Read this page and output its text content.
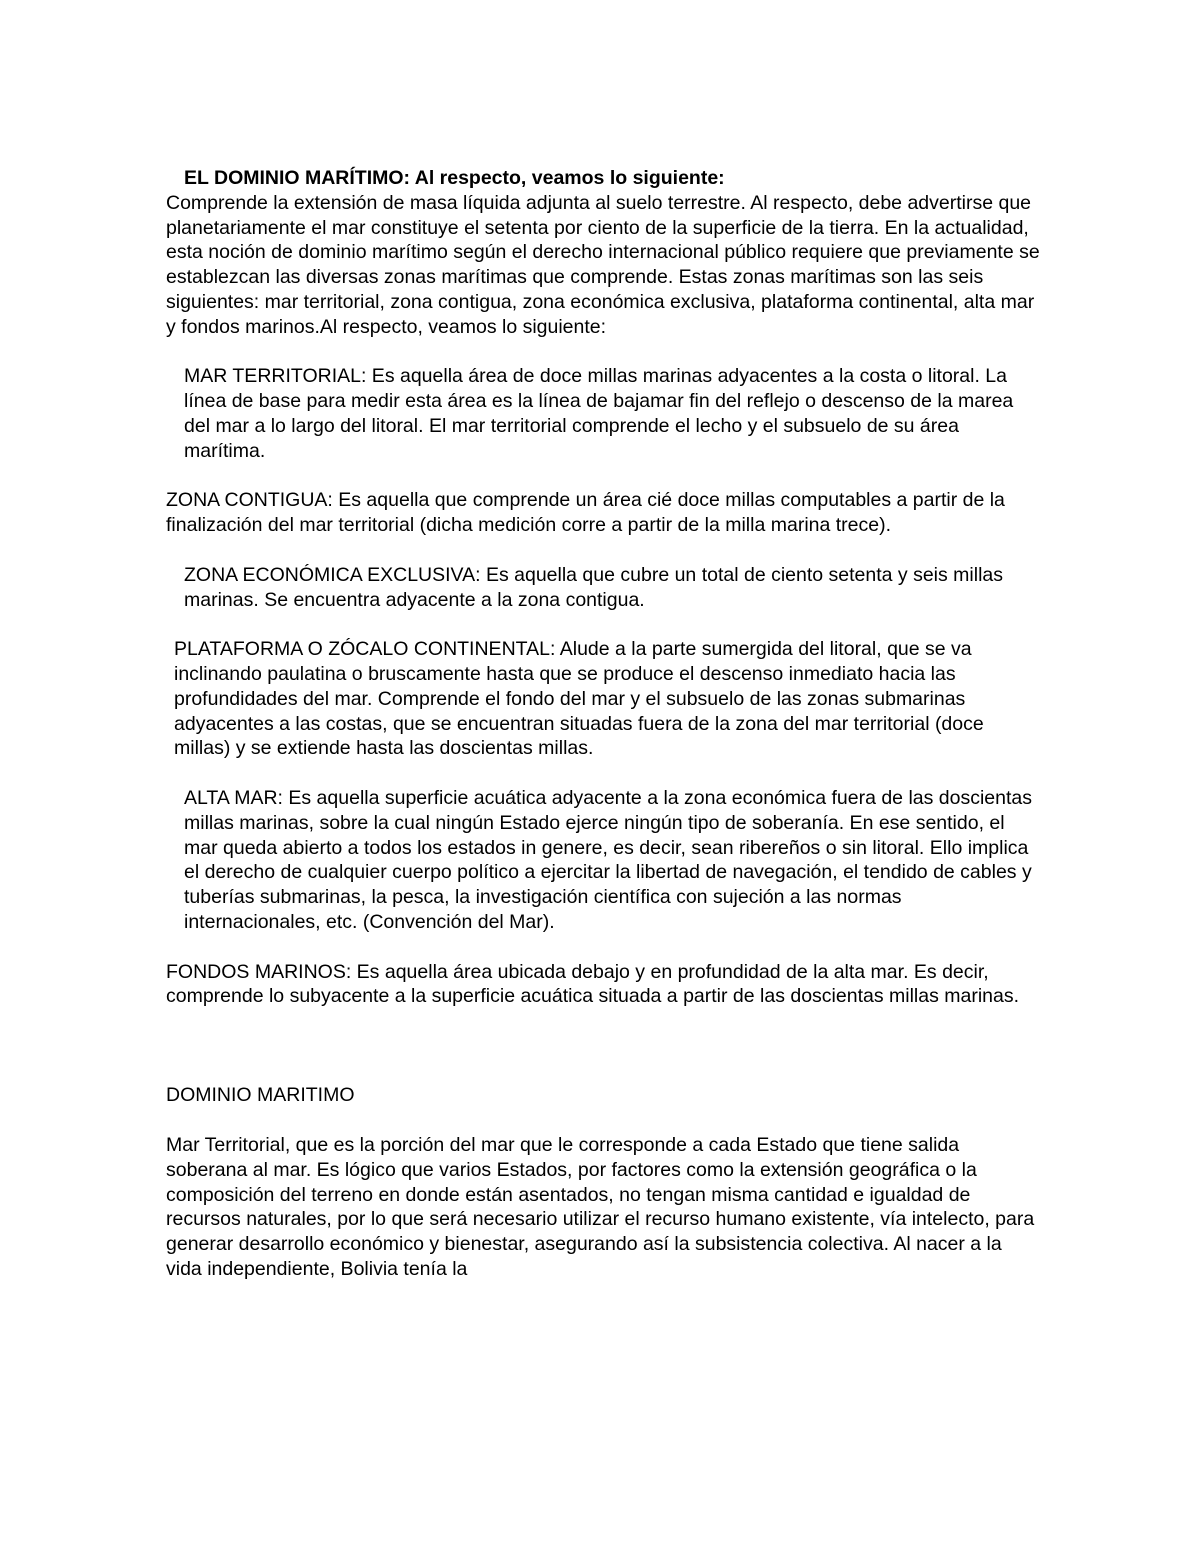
EL DOMINIO MARÍTIMO: Al respecto, veamos lo siguiente:

Comprende la extensión de masa líquida adjunta al suelo terrestre. Al respecto, debe advertirse que planetariamente el mar constituye el setenta por ciento de la superficie de la tierra. En la actualidad, esta noción de dominio marítimo según el derecho internacional público requiere que previamente se establezcan las diversas zonas marítimas que comprende. Estas zonas marítimas son las seis siguientes: mar territorial, zona contigua, zona económica exclusiva, plataforma continental, alta mar y fondos marinos.Al respecto, veamos lo siguiente:

MAR TERRITORIAL: Es aquella área de doce millas marinas adyacentes a la costa o litoral. La línea de base para medir esta área es la línea de bajamar fin del reflejo o descenso de la marea del mar a lo largo del litoral. El mar territorial comprende el lecho y el subsuelo de su área marítima.

ZONA CONTIGUA: Es aquella que comprende un área cié doce millas computables a partir de la finalización del mar territorial (dicha medición corre a partir de la milla marina trece).

ZONA ECONÓMICA EXCLUSIVA: Es aquella que cubre un total de ciento setenta y seis millas marinas. Se encuentra adyacente a la zona contigua.

PLATAFORMA O ZÓCALO CONTINENTAL: Alude a la parte sumergida del litoral, que se va inclinando paulatina o bruscamente hasta que se produce el descenso inmediato hacia las profundidades del mar. Comprende el fondo del mar y el subsuelo de las zonas submarinas adyacentes a las costas, que se encuentran situadas fuera de la zona del mar territorial (doce millas) y se extiende hasta las doscientas millas.

ALTA MAR: Es aquella superficie acuática adyacente a la zona económica fuera de las doscientas millas marinas, sobre la cual ningún Estado ejerce ningún tipo de soberanía. En ese sentido, el mar queda abierto a todos los estados in genere, es decir, sean ribereños o sin litoral. Ello implica el derecho de cualquier cuerpo político a ejercitar la libertad de navegación, el tendido de cables y tuberías submarinas, la pesca, la investigación científica con sujeción a las normas internacionales, etc. (Convención del Mar).

FONDOS MARINOS: Es aquella área ubicada debajo y en profundidad de la alta mar. Es decir, comprende lo subyacente a la superficie acuática situada a partir de las doscientas millas marinas.

DOMINIO MARITIMO

Mar Territorial, que es la porción del mar que le corresponde a cada Estado que tiene salida soberana al mar. Es lógico que varios Estados, por factores como la extensión geográfica o la composición del terreno en donde están asentados, no tengan misma cantidad e igualdad de recursos naturales, por lo que será necesario utilizar el recurso humano existente, vía intelecto, para generar desarrollo económico y bienestar, asegurando así la subsistencia colectiva. Al nacer a la vida independiente, Bolivia tenía la
